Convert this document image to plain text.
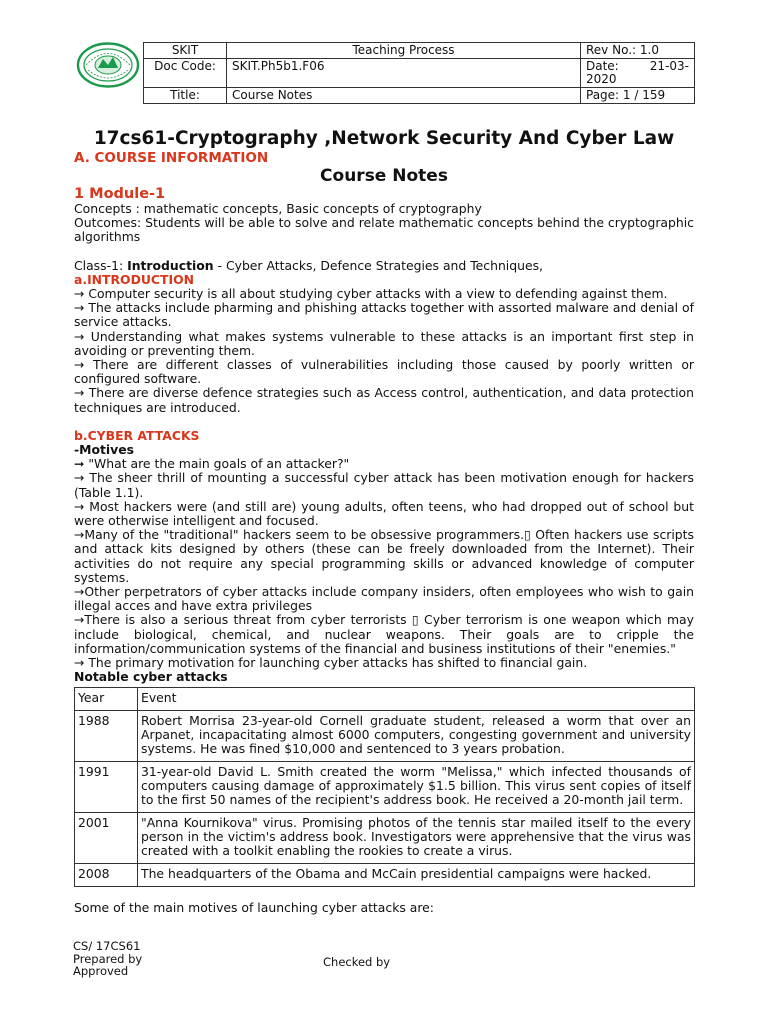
SKIT	Teaching Process	Rev No.: 1.0
Doc Code:	SKIT.Ph5b1.F06	Date: 21-03-
2020

Title:	Course Notes	Page: 1 / 159
17cs61-Cryptography ,Network Security And Cyber Law

A. COURSE INFORMATION

Course Notes

1 Module-1

Concepts : mathematic concepts, Basic concepts of cryptography

Outcomes: Students will be able to solve and relate mathematic concepts behind the cryptographic algorithms

Class-1: Introduction - Cyber Attacks, Defence Strategies and Techniques,

a.INTRODUCTION

→ Computer security is all about studying cyber attacks with a view to defending against them.

→ The attacks include pharming and phishing attacks together with assorted malware and denial of service attacks.

→ Understanding what makes systems vulnerable to these attacks is an important first step in avoiding or preventing them.

→ There are different classes of vulnerabilities including those caused by poorly written or configured software.

→ There are diverse defence strategies such as Access control, authentication, and data protection techniques are introduced.

b.CYBER ATTACKS

-Motives

➞ "What are the main goals of an attacker?"

→ The sheer thrill of mounting a successful cyber attack has been motivation enough for hackers (Table 1.1).

→ Most hackers were (and still are) young adults, often teens, who had dropped out of school but were otherwise intelligent and focused.

→Many of the "traditional" hackers seem to be obsessive programmers.▯ Often hackers use scripts and attack kits designed by others (these can be freely downloaded from the Internet). Their activities do not require any special programming skills or advanced knowledge of computer systems.

→Other perpetrators of cyber attacks include company insiders, often employees who wish to gain illegal acces and have extra privileges

→There is also a serious threat from cyber terrorists ▯ Cyber terrorism is one weapon which may include biological, chemical, and nuclear weapons. Their goals are to cripple the information/communication systems of the financial and business institutions of their "enemies."

→ The primary motivation for launching cyber attacks has shifted to financial gain.

Notable cyber attacks

Year	Event
1988	Robert Morrisa 23-year-old Cornell graduate student, released a worm that over an Arpanet, incapacitating almost 6000 computers, congesting government and university systems. He was fined $10,000 and sentenced to 3 years probation.
1991	31-year-old David L. Smith created the worm "Melissa," which infected thousands of computers causing damage of approximately $1.5 billion. This virus sent copies of itself to the first 50 names of the recipient's address book. He received a 20-month jail term.
2001	"Anna Kournikova" virus. Promising photos of the tennis star mailed itself to the every person in the victim's address book. Investigators were apprehensive that the virus was created with a toolkit enabling the rookies to create a virus.
2008	The headquarters of the Obama and McCain presidential campaigns were hacked.

Some of the main motives of launching cyber attacks are:

CS/ 17CS61
Prepared by
Approved
Checked by
